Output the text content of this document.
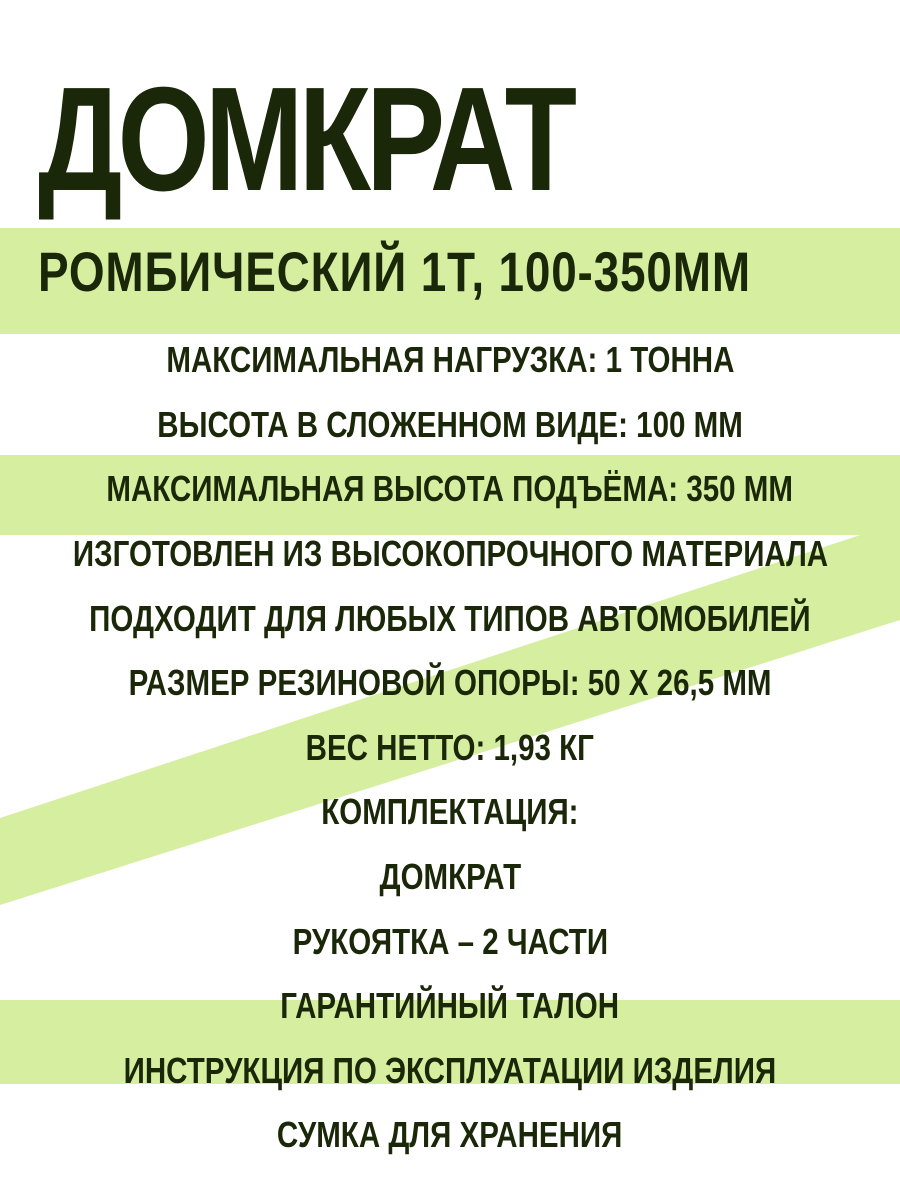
ДОМКРАТ
РОМБИЧЕСКИЙ 1Т, 100-350ММ
МАКСИМАЛЬНАЯ НАГРУЗКА: 1 ТОННА
ВЫСОТА В СЛОЖЕННОМ ВИДЕ: 100 ММ
МАКСИМАЛЬНАЯ ВЫСОТА ПОДЪЁМА: 350 ММ
ИЗГОТОВЛЕН ИЗ ВЫСОКОПРОЧНОГО МАТЕРИАЛА
ПОДХОДИТ ДЛЯ ЛЮБЫХ ТИПОВ АВТОМОБИЛЕЙ
РАЗМЕР РЕЗИНОВОЙ ОПОРЫ: 50 Х 26,5 ММ
ВЕС НЕТТО: 1,93 КГ
КОМПЛЕКТАЦИЯ:
ДОМКРАТ
РУКОЯТКА – 2 ЧАСТИ
ГАРАНТИЙНЫЙ ТАЛОН
ИНСТРУКЦИЯ ПО ЭКСПЛУАТАЦИИ ИЗДЕЛИЯ
СУМКА ДЛЯ ХРАНЕНИЯ
